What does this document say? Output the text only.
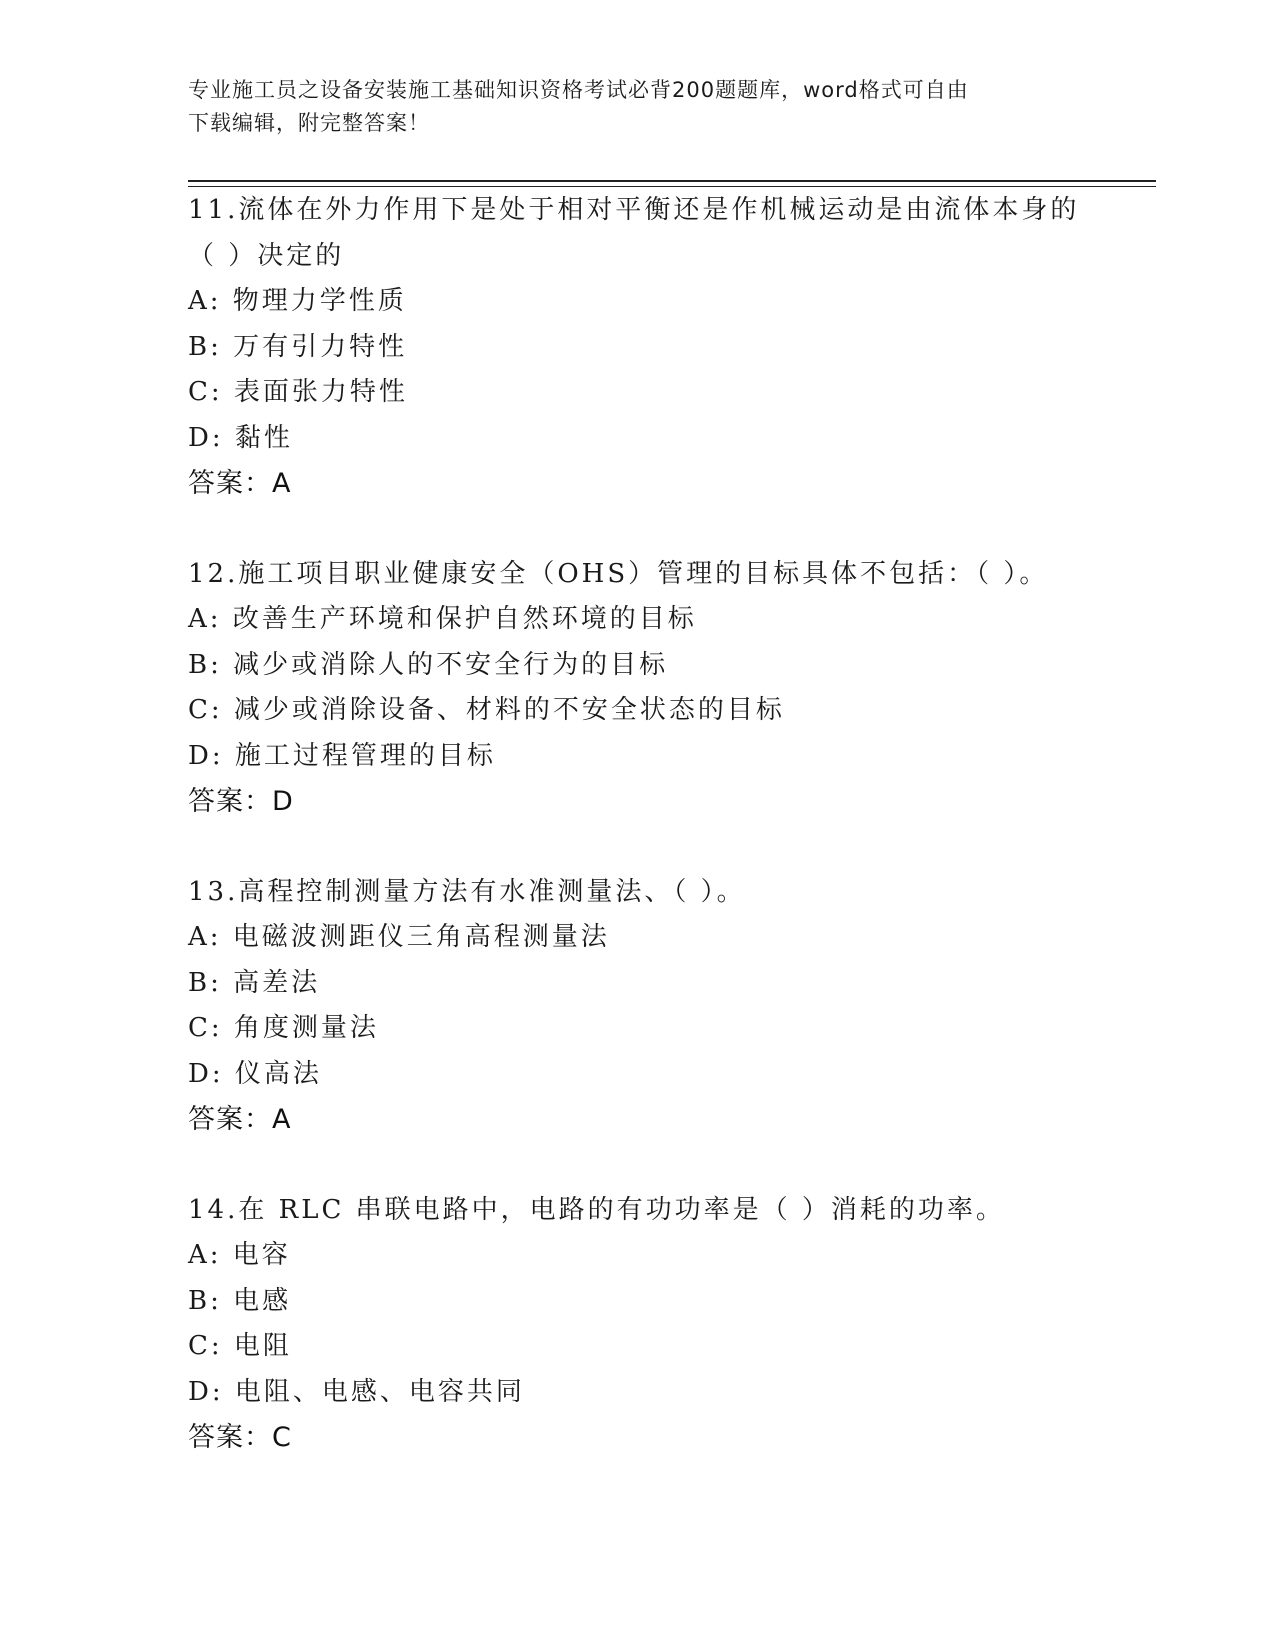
专业施工员之设备安装施工基础知识资格考试必背200题题库，word格式可自由
下载编辑，附完整答案！
11.流体在外力作用下是处于相对平衡还是作机械运动是由流体本身的
（ ）决定的
A: 物理力学性质
B: 万有引力特性
C: 表面张力特性
D: 黏性
答案：A
12.施工项目职业健康安全（OHS）管理的目标具体不包括：（ ）。
A: 改善生产环境和保护自然环境的目标
B: 减少或消除人的不安全行为的目标
C: 减少或消除设备、材料的不安全状态的目标
D: 施工过程管理的目标
答案：D
13.高程控制测量方法有水准测量法、（ ）。
A: 电磁波测距仪三角高程测量法
B: 高差法
C: 角度测量法
D: 仪高法
答案：A
14.在 RLC 串联电路中，电路的有功功率是（ ）消耗的功率。
A: 电容
B: 电感
C: 电阻
D: 电阻、电感、电容共同
答案：C
